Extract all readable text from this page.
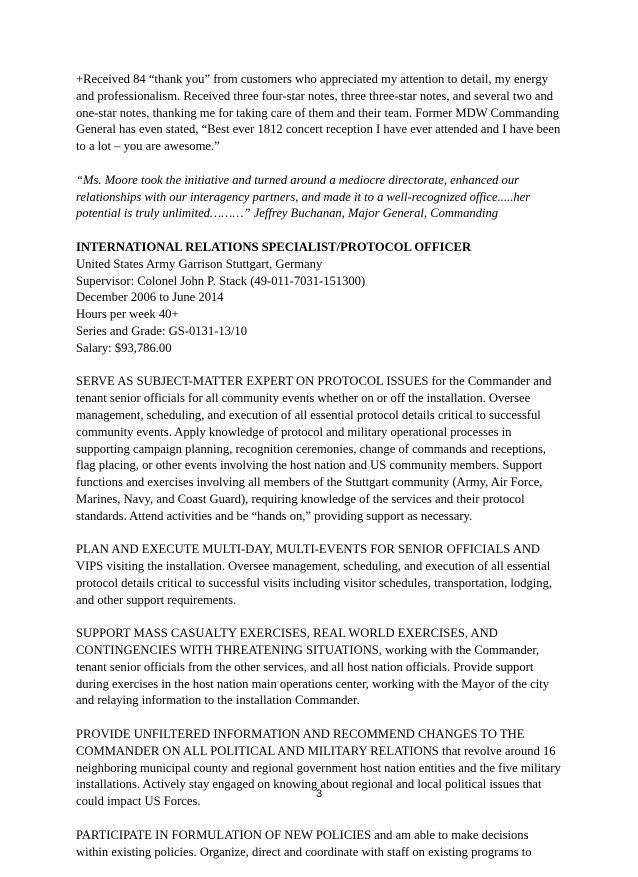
+Received 84 “thank you” from customers who appreciated my attention to detail, my energy

and professionalism. Received three four-star notes, three three-star notes, and several two and

one-star notes, thanking me for taking care of them and their team. Former MDW Commanding

General has even stated, “Best ever 1812 concert reception I have ever attended and I have been

to a lot – you are awesome.”

“Ms. Moore took the initiative and turned around a mediocre directorate, enhanced our

relationships with our interagency partners, and made it to a well-recognized office.....her

potential is truly unlimited………” Jeffrey Buchanan, Major General, Commanding

INTERNATIONAL RELATIONS SPECIALIST/PROTOCOL OFFICER

United States Army Garrison Stuttgart, Germany

Supervisor: Colonel John P. Stack (49-011-7031-151300)

December 2006 to June 2014

Hours per week 40+

Series and Grade: GS-0131-13/10

Salary: $93,786.00

SERVE AS SUBJECT-MATTER EXPERT ON PROTOCOL ISSUES for the Commander and

tenant senior officials for all community events whether on or off the installation. Oversee

management, scheduling, and execution of all essential protocol details critical to successful

community events. Apply knowledge of protocol and military operational processes in

supporting campaign planning, recognition ceremonies, change of commands and receptions,

flag placing, or other events involving the host nation and US community members. Support

functions and exercises involving all members of the Stuttgart community (Army, Air Force,

Marines, Navy, and Coast Guard), requiring knowledge of the services and their protocol

standards. Attend activities and be “hands on,” providing support as necessary.

PLAN AND EXECUTE MULTI-DAY, MULTI-EVENTS FOR SENIOR OFFICIALS AND

VIPS visiting the installation. Oversee management, scheduling, and execution of all essential

protocol details critical to successful visits including visitor schedules, transportation, lodging,

and other support requirements.

SUPPORT MASS CASUALTY EXERCISES, REAL WORLD EXERCISES, AND

CONTINGENCIES WITH THREATENING SITUATIONS, working with the Commander,

tenant senior officials from the other services, and all host nation officials. Provide support

during exercises in the host nation main operations center, working with the Mayor of the city

and relaying information to the installation Commander.

PROVIDE UNFILTERED INFORMATION AND RECOMMEND CHANGES TO THE

COMMANDER ON ALL POLITICAL AND MILITARY RELATIONS that revolve around 16

neighboring municipal county and regional government host nation entities and the five military

installations. Actively stay engaged on knowing about regional and local political issues that

could impact US Forces.

PARTICIPATE IN FORMULATION OF NEW POLICIES and am able to make decisions

within existing policies. Organize, direct and coordinate with staff on existing programs to

3
